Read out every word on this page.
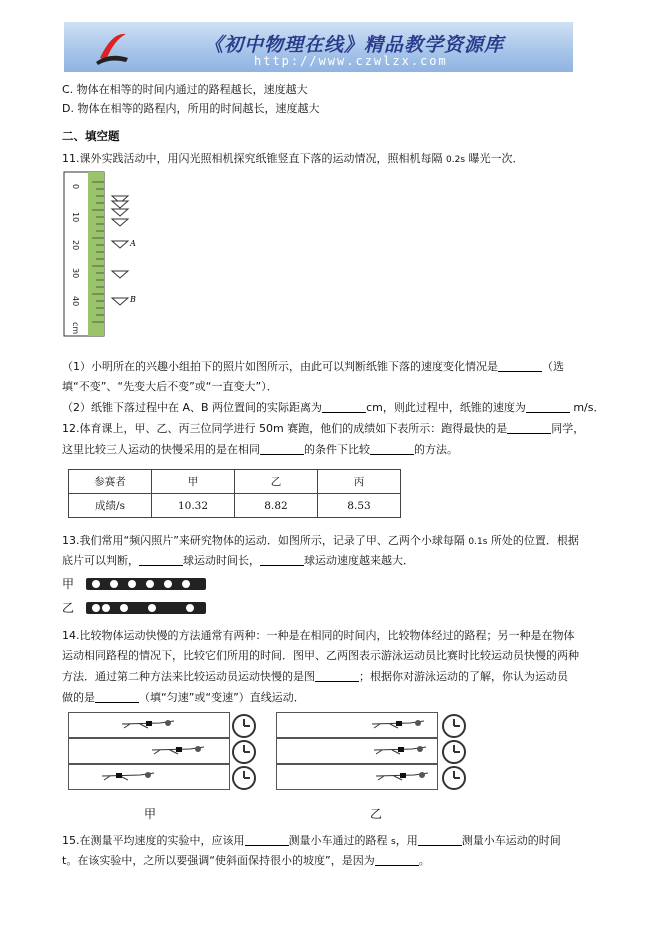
《初中物理在线》精品教学资源库
http://www.czwlzx.com
C. 物体在相等的时间内通过的路程越长，速度越大
D. 物体在相等的路程内，所用的时间越长，速度越大
二、填空题
11.课外实践活动中，用闪光照相机探究纸锥竖直下落的运动情况，照相机每隔 0.2s 曝光一次．
0
10
20
30
40
cm
A
B
（1）小明所在的兴趣小组拍下的照片如图所示，由此可以判断纸锥下落的速度变化情况是	（选
填“不变”、“先变大后不变”或“一直变大”）．
（2）纸锥下落过程中在 A、B 两位置间的实际距离为	cm，则此过程中，纸锥的速度为	m/s．
12.体育课上，甲、乙、丙三位同学进行 50m 赛跑，他们的成绩如下表所示：跑得最快的是	同学，
这里比较三人运动的快慢采用的是在相同	的条件下比较	的方法。
参赛者	甲	乙	丙
成绩/s	10.32	8.82	8.53
13.我们常用“频闪照片”来研究物体的运动．如图所示，记录了甲、乙两个小球每隔 0.1s 所处的位置．根据
底片可以判断，	球运动时间长，	球运动速度越来越大．
甲
乙
14.比较物体运动快慢的方法通常有两种：一种是在相同的时间内，比较物体经过的路程；另一种是在物体
运动相同路程的情况下，比较它们所用的时间．图甲、乙两图表示游泳运动员比赛时比较运动员快慢的两种
方法．通过第二种方法来比较运动员运动快慢的是图	；根据你对游泳运动的了解，你认为运动员
做的是	（填“匀速”或“变速”）直线运动．
甲	乙
15.在测量平均速度的实验中，应该用	测量小车通过的路程 s，用	测量小车运动的时间
t。在该实验中，之所以要强调“使斜面保持很小的坡度”，是因为	。
